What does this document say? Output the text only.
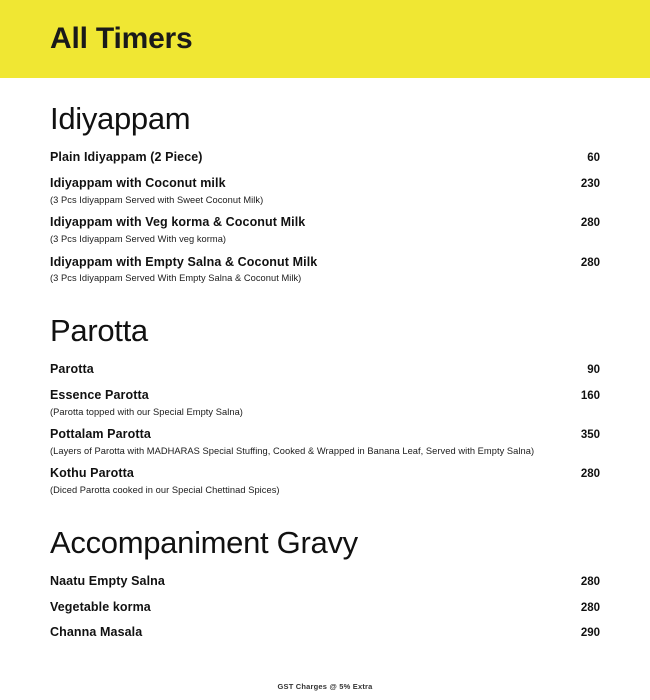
All Timers
Idiyappam
Plain Idiyappam (2 Piece)	60
Idiyappam with Coconut milk	230
(3 Pcs Idiyappam Served with Sweet Coconut Milk)
Idiyappam with Veg korma & Coconut Milk	280
(3 Pcs Idiyappam Served With veg korma)
Idiyappam with Empty Salna & Coconut Milk	280
(3 Pcs Idiyappam Served With Empty Salna & Coconut Milk)
Parotta
Parotta	90
Essence Parotta	160
(Parotta topped with our Special Empty Salna)
Pottalam Parotta	350
(Layers of Parotta with MADHARAS Special Stuffing, Cooked & Wrapped in Banana Leaf, Served with Empty Salna)
Kothu Parotta	280
(Diced Parotta cooked in our Special Chettinad Spices)
Accompaniment Gravy
Naatu Empty Salna	280
Vegetable korma	280
Channa Masala	290
GST Charges @ 5% Extra
